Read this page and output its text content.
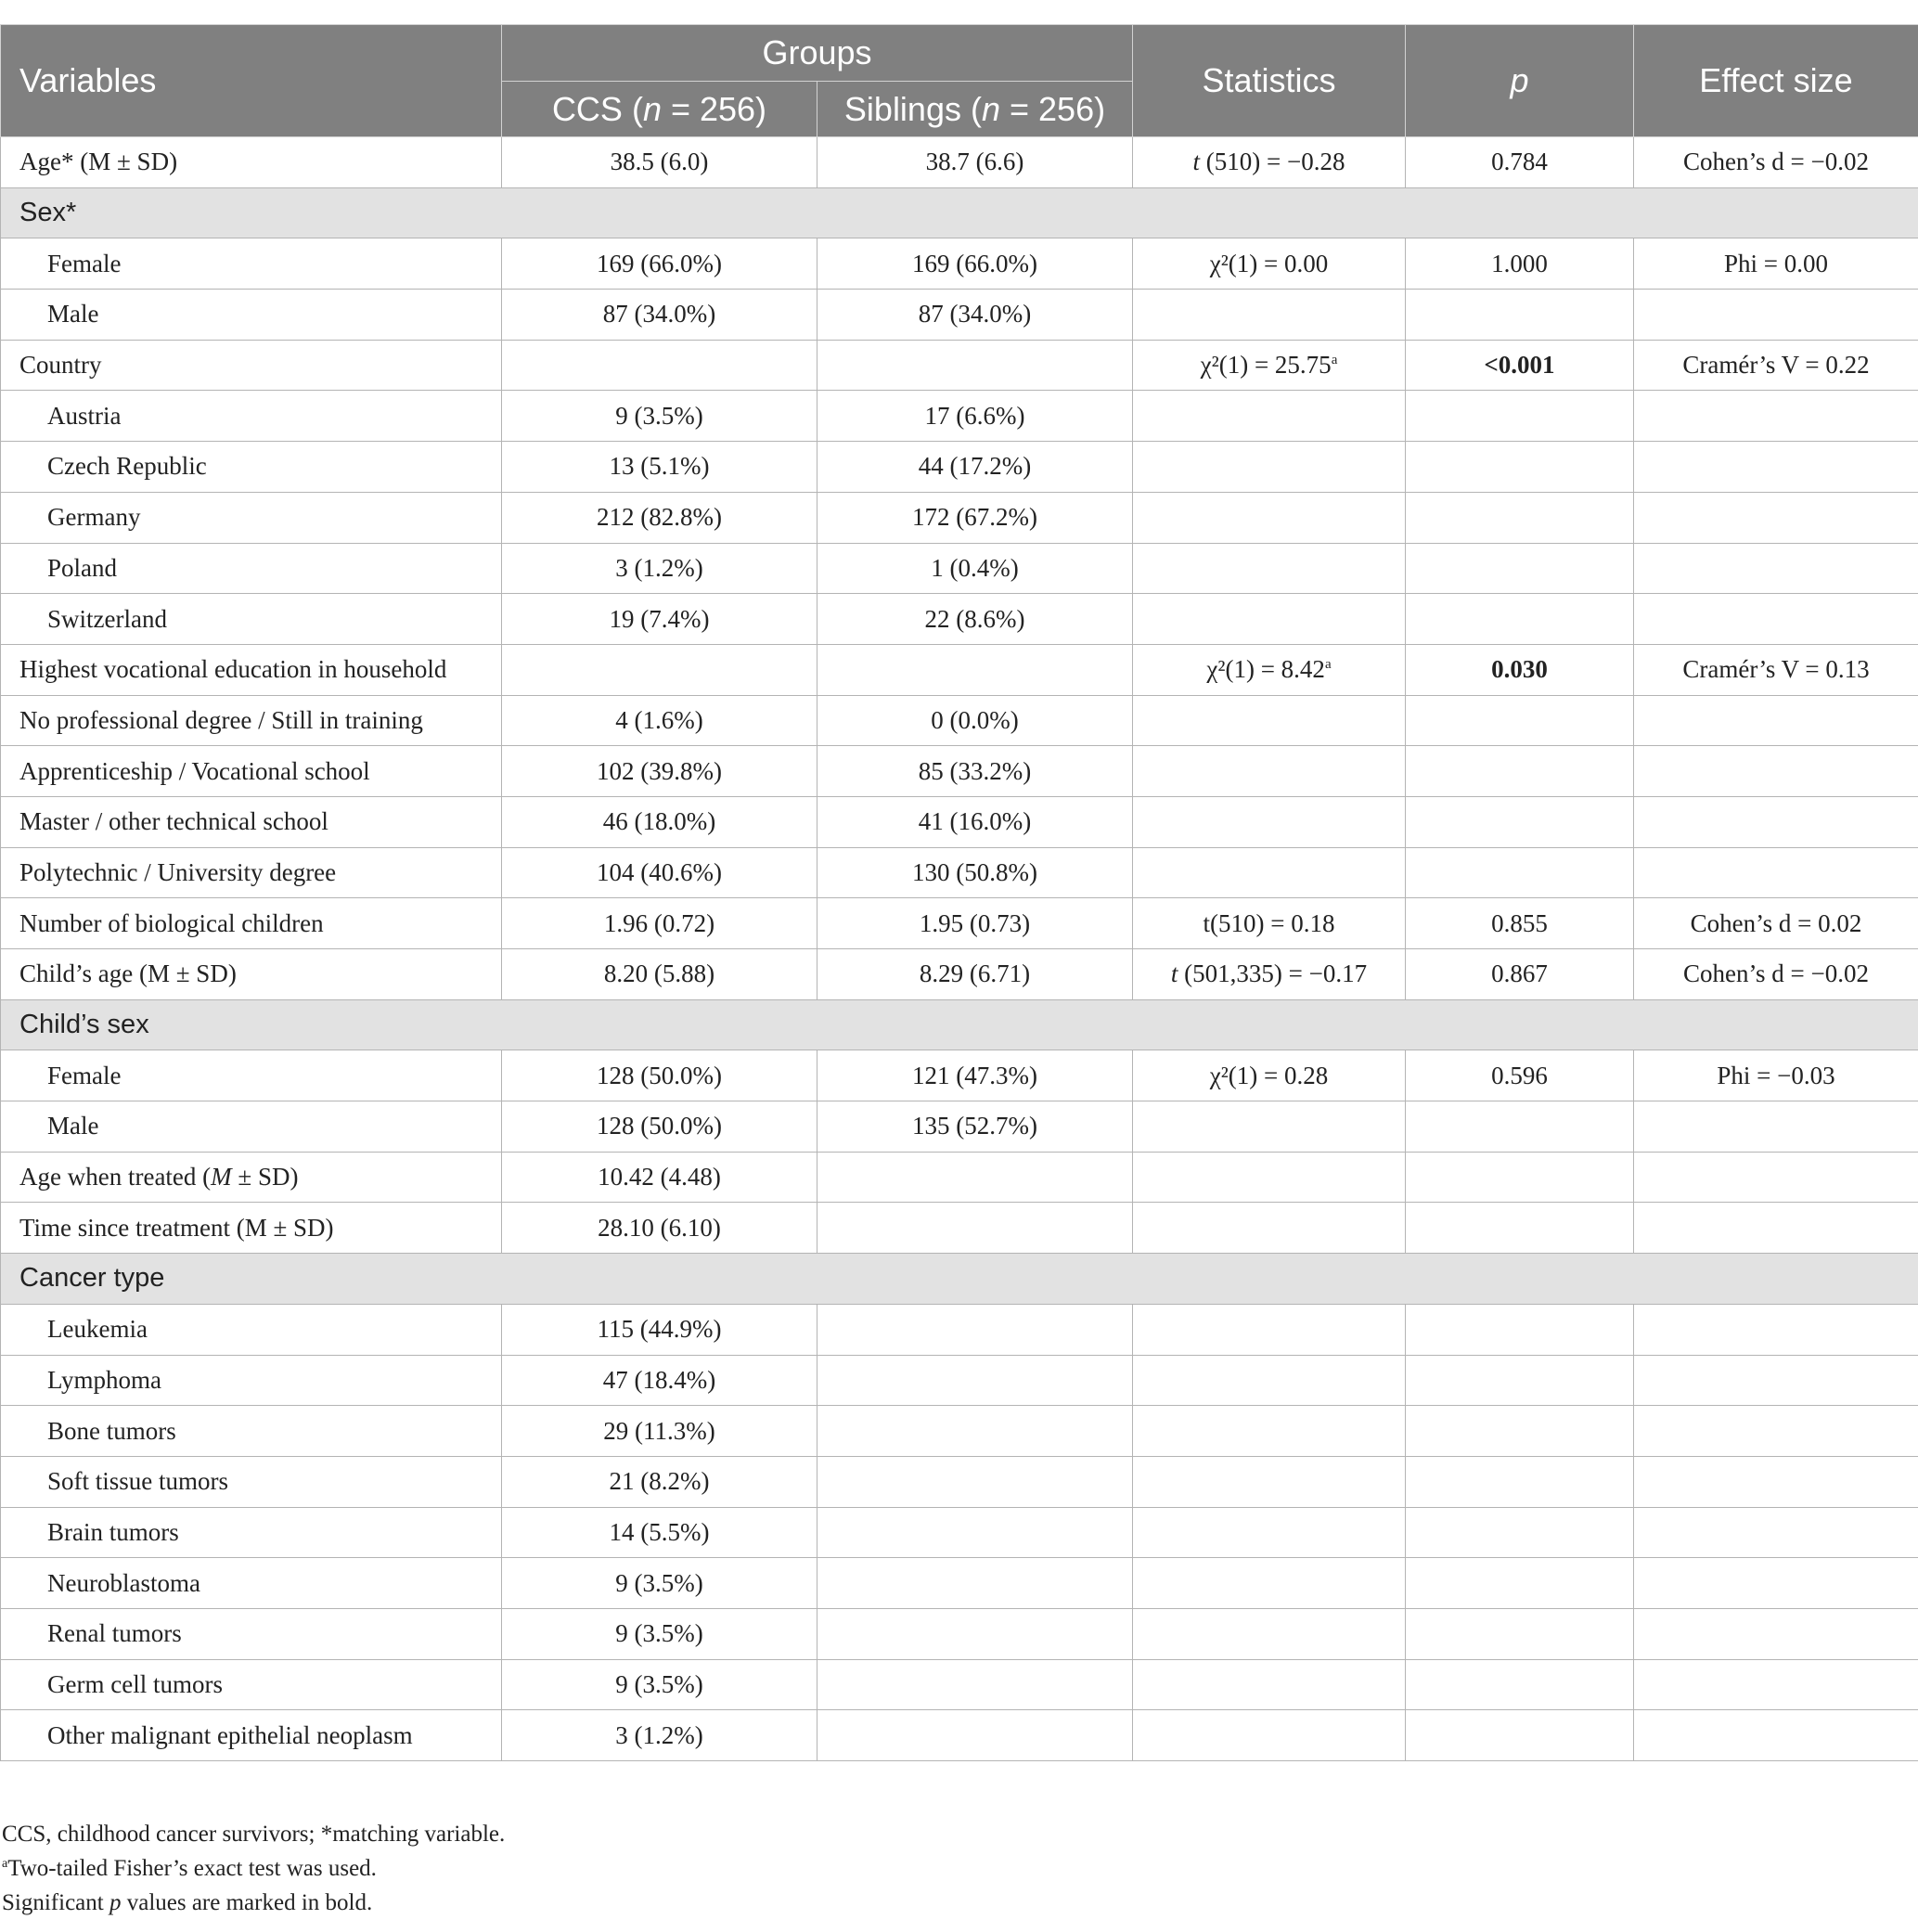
Variables	Groups		Statistics	p	Effect size
	CCS (n = 256)	Siblings (n = 256)			
Age* (M ± SD)	38.5 (6.0)	38.7 (6.6)	t (510) = −0.28	0.784	Cohen’s d = −0.02
Sex*					
Female	169 (66.0%)	169 (66.0%)	χ²(1) = 0.00	1.000	Phi = 0.00
Male	87 (34.0%)	87 (34.0%)			
Country			χ²(1) = 25.75$^a$	<0.001	Cramér’s V = 0.22
Austria	9 (3.5%)	17 (6.6%)			
Czech Republic	13 (5.1%)	44 (17.2%)			
Germany	212 (82.8%)	172 (67.2%)			
Poland	3 (1.2%)	1 (0.4%)			
Switzerland	19 (7.4%)	22 (8.6%)			
Highest vocational education in household			χ²(1) = 8.42$^a$	0.030	Cramér’s V = 0.13
No professional degree / Still in training	4 (1.6%)	0 (0.0%)			
Apprenticeship / Vocational school	102 (39.8%)	85 (33.2%)			
Master / other technical school	46 (18.0%)	41 (16.0%)			
Polytechnic / University degree	104 (40.6%)	130 (50.8%)			
Number of biological children	1.96 (0.72)	1.95 (0.73)	t(510) = 0.18	0.855	Cohen’s d = 0.02
Child’s age (M ± SD)	8.20 (5.88)	8.29 (6.71)	t (501,335) = −0.17	0.867	Cohen’s d = −0.02
Child’s sex					
Female	128 (50.0%)	121 (47.3%)	χ²(1) = 0.28	0.596	Phi = −0.03
Male	128 (50.0%)	135 (52.7%)			
Age when treated (M ± SD)	10.42 (4.48)				
Time since treatment (M ± SD)	28.10 (6.10)				
Cancer type					
Leukemia	115 (44.9%)				
Lymphoma	47 (18.4%)				
Bone tumors	29 (11.3%)				
Soft tissue tumors	21 (8.2%)				
Brain tumors	14 (5.5%)				
Neuroblastoma	9 (3.5%)				
Renal tumors	9 (3.5%)				
Germ cell tumors	9 (3.5%)				
Other malignant epithelial neoplasm	3 (1.2%)				
CCS, childhood cancer survivors; *matching variable.
$^a$Two-tailed Fisher’s exact test was used.
Significant p values are marked in bold.
